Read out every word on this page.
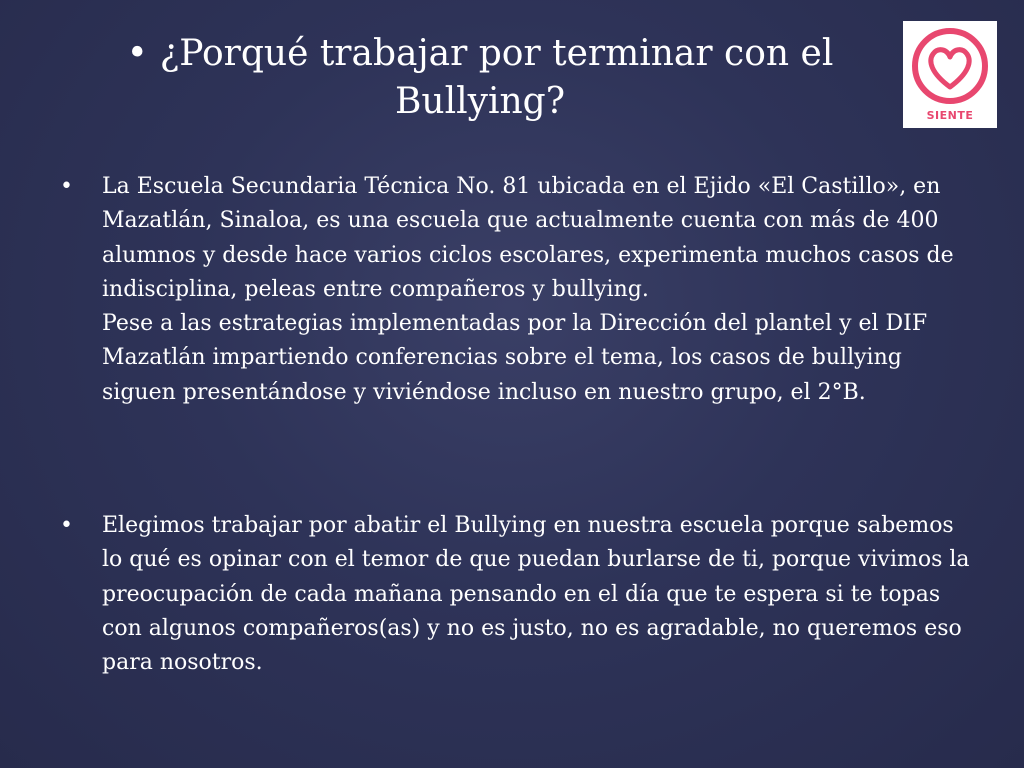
• ¿Porqué trabajar por terminar con el Bullying?	SIENTE
•	La Escuela Secundaria Técnica No. 81 ubicada en el Ejido «El Castillo», en Mazatlán, Sinaloa, es una escuela que actualmente cuenta con más de 400 alumnos y desde hace varios ciclos escolares, experimenta muchos casos de indisciplina, peleas entre compañeros y bullying.

Pese a las estrategias implementadas por la Dirección del plantel y el DIF Mazatlán impartiendo conferencias sobre el tema, los casos de bullying siguen presentándose y viviéndose incluso en nuestro grupo, el 2°B.

•	Elegimos trabajar por abatir el Bullying en nuestra escuela porque sabemos lo qué es opinar con el temor de que puedan burlarse de ti, porque vivimos la preocupación de cada mañana pensando en el día que te espera si te topas con algunos compañeros(as) y no es justo, no es agradable, no queremos eso para nosotros.
